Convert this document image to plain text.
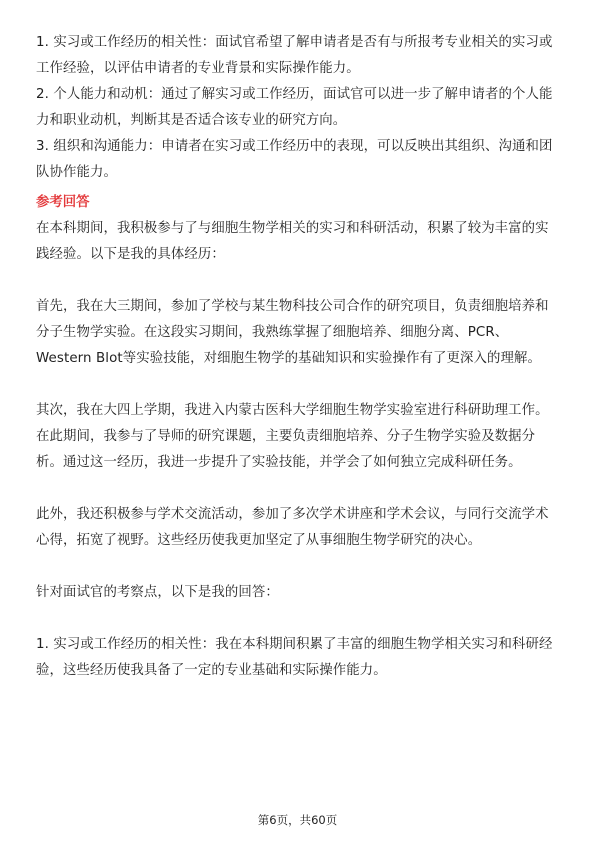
1. 实习或工作经历的相关性：面试官希望了解申请者是否有与所报考专业相关的实习或工作经验，以评估申请者的专业背景和实际操作能力。

2. 个人能力和动机：通过了解实习或工作经历，面试官可以进一步了解申请者的个人能力和职业动机，判断其是否适合该专业的研究方向。

3. 组织和沟通能力：申请者在实习或工作经历中的表现，可以反映出其组织、沟通和团队协作能力。

参考回答

在本科期间，我积极参与了与细胞生物学相关的实习和科研活动，积累了较为丰富的实践经验。以下是我的具体经历：

首先，我在大三期间，参加了学校与某生物科技公司合作的研究项目，负责细胞培养和分子生物学实验。在这段实习期间，我熟练掌握了细胞培养、细胞分离、PCR、Western Blot等实验技能，对细胞生物学的基础知识和实验操作有了更深入的理解。

其次，我在大四上学期，我进入内蒙古医科大学细胞生物学实验室进行科研助理工作。在此期间，我参与了导师的研究课题，主要负责细胞培养、分子生物学实验及数据分析。通过这一经历，我进一步提升了实验技能，并学会了如何独立完成科研任务。

此外，我还积极参与学术交流活动，参加了多次学术讲座和学术会议，与同行交流学术心得，拓宽了视野。这些经历使我更加坚定了从事细胞生物学研究的决心。

针对面试官的考察点，以下是我的回答：

1. 实习或工作经历的相关性：我在本科期间积累了丰富的细胞生物学相关实习和科研经验，这些经历使我具备了一定的专业基础和实际操作能力。

第6页，共60页
